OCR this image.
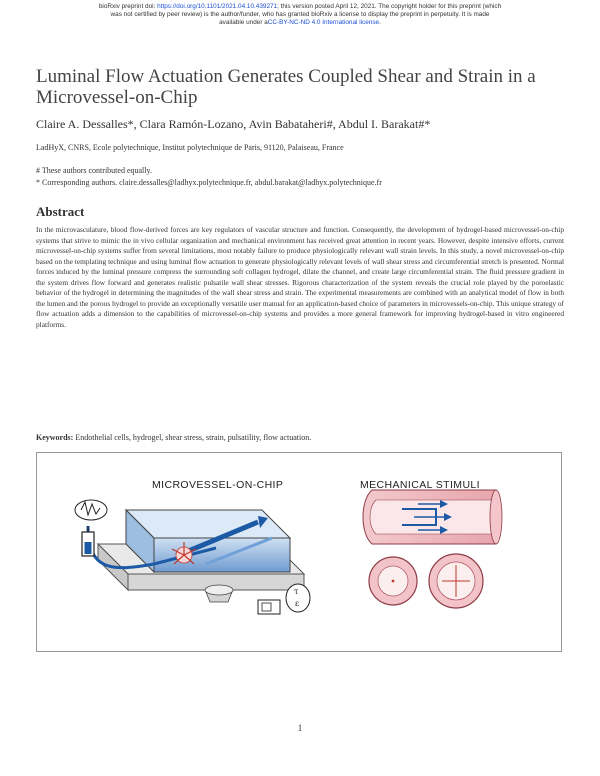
bioRxiv preprint doi: https://doi.org/10.1101/2021.04.10.439271; this version posted April 12, 2021. The copyright holder for this preprint (which
was not certified by peer review) is the author/funder, who has granted bioRxiv a license to display the preprint in perpetuity. It is made
available under aCC-BY-NC-ND 4.0 International license.
Luminal Flow Actuation Generates Coupled Shear and Strain in a Microvessel-on-Chip
Claire A. Dessalles*, Clara Ramón-Lozano, Avin Babataheri#, Abdul I. Barakat#*
LadHyX, CNRS, Ecole polytechnique, Institut polytechnique de Paris, 91120, Palaiseau, France
# These authors contributed equally.
* Corresponding authors. claire.dessalles@ladhyx.polytechnique.fr, abdul.barakat@ladhyx.polytechnique.fr
Abstract

In the microvasculature, blood flow-derived forces are key regulators of vascular structure and function. Consequently, the development of hydrogel-based microvessel-on-chip systems that strive to mimic the in vivo cellular organization and mechanical environment has received great attention in recent years. However, despite intensive efforts, current microvessel-on-chip systems suffer from several limitations, most notably failure to produce physiologically relevant wall strain levels. In this study, a novel microvessel-on-chip based on the templating technique and using luminal flow actuation to generate physiologically relevant levels of wall shear stress and circumferential stretch is presented. Normal forces induced by the luminal pressure compress the surrounding soft collagen hydrogel, dilate the channel, and create large circumferential strain. The fluid pressure gradient in the system drives flow forward and generates realistic pulsatile wall shear stresses. Rigorous characterization of the system reveals the crucial role played by the poroelastic behavior of the hydrogel in determining the magnitudes of the wall shear stress and strain. The experimental measurements are combined with an analytical model of flow in both the lumen and the porous hydrogel to provide an exceptionally versatile user manual for an application-based choice of parameters in microvessels-on-chip. This unique strategy of flow actuation adds a dimension to the capabilities of microvessel-on-chip systems and provides a more general framework for improving hydrogel-based in vitro engineered platforms.

Keywords: Endothelial cells, hydrogel, shear stress, strain, pulsatility, flow actuation.
τ
ε
MICROVESSEL-ON-CHIP	MECHANICAL STIMULI
1
